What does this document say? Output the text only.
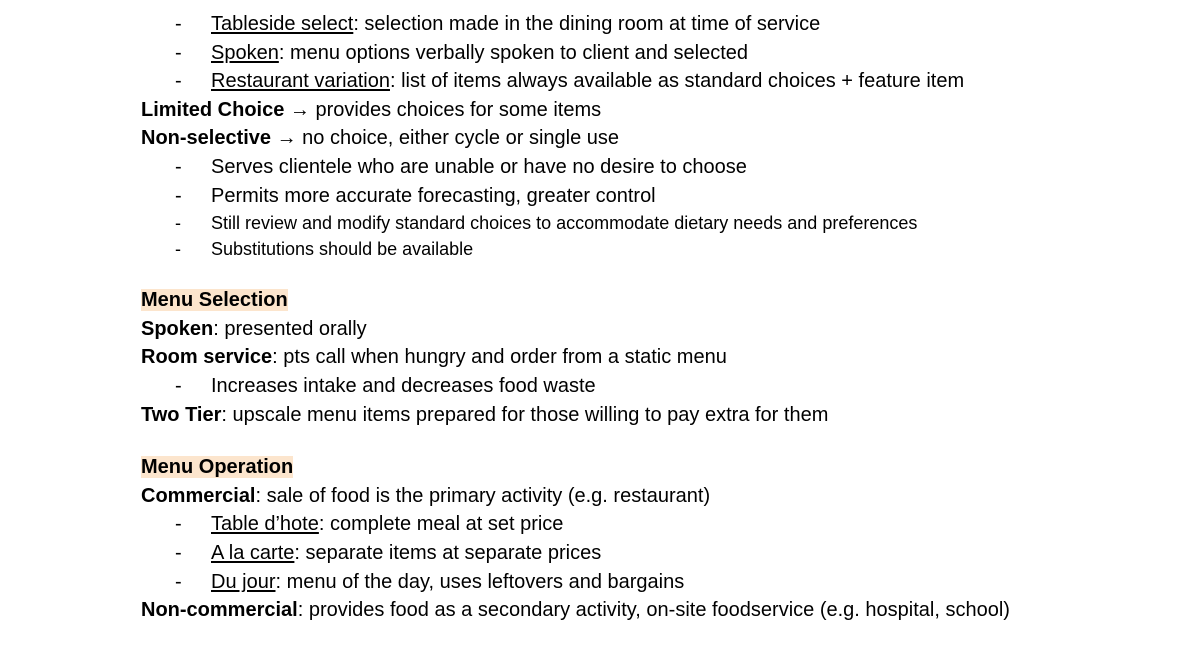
- Tableside select: selection made in the dining room at time of service
- Spoken: menu options verbally spoken to client and selected
- Restaurant variation: list of items always available as standard choices + feature item
Limited Choice → provides choices for some items
Non-selective → no choice, either cycle or single use
- Serves clientele who are unable or have no desire to choose
- Permits more accurate forecasting, greater control
- Still review and modify standard choices to accommodate dietary needs and preferences
- Substitutions should be available
Menu Selection
Spoken: presented orally
Room service: pts call when hungry and order from a static menu
- Increases intake and decreases food waste
Two Tier: upscale menu items prepared for those willing to pay extra for them
Menu Operation
Commercial: sale of food is the primary activity (e.g. restaurant)
- Table d’hote: complete meal at set price
- A la carte: separate items at separate prices
- Du jour: menu of the day, uses leftovers and bargains
Non-commercial: provides food as a secondary activity, on-site foodservice (e.g. hospital, school)
